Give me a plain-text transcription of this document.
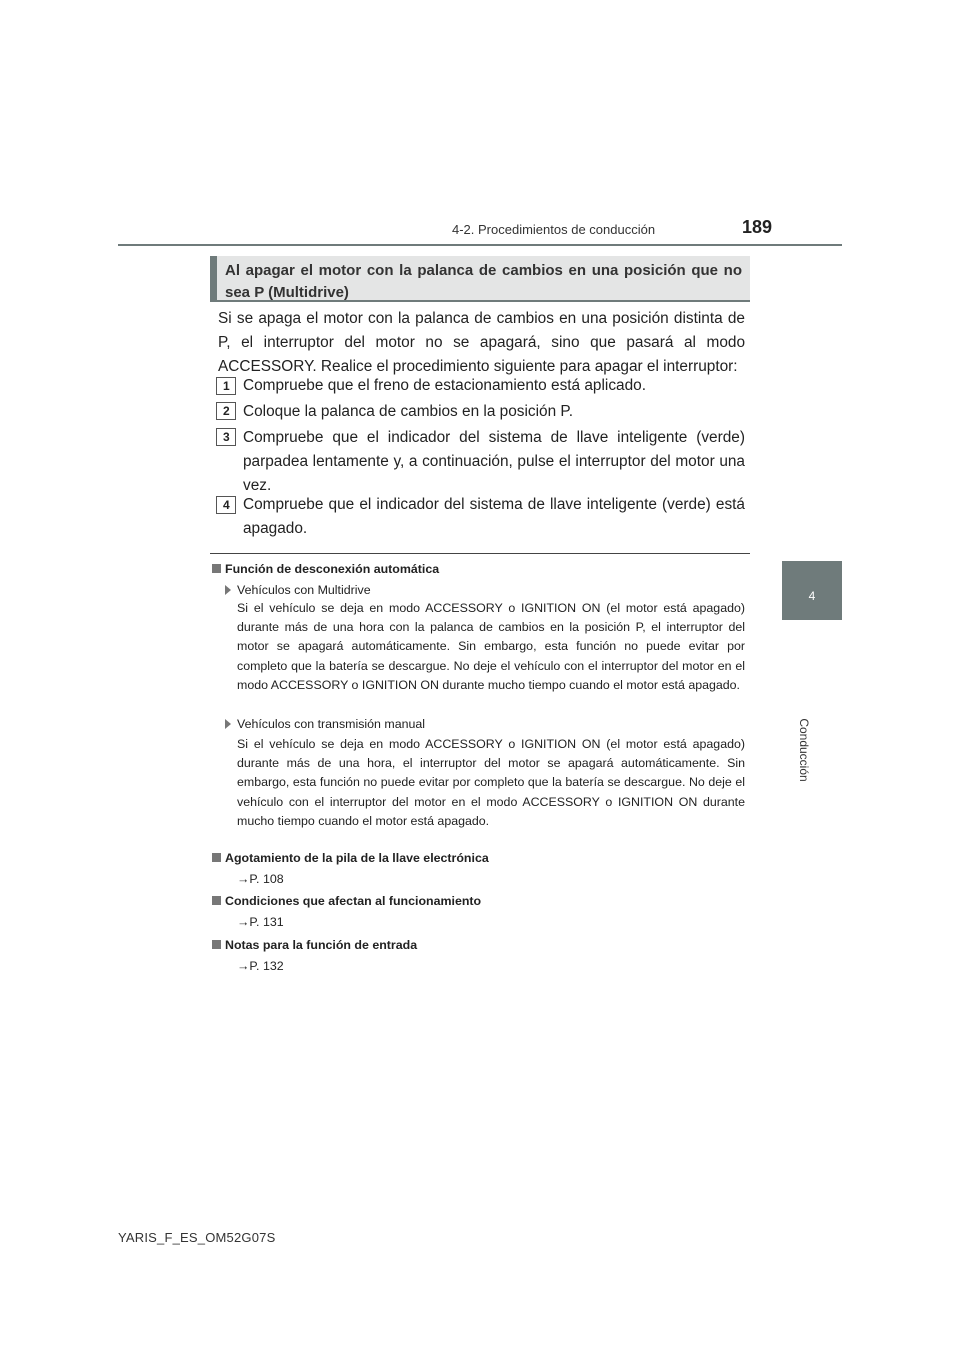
4-2. Procedimientos de conducción	189
4
Conducción

Al apagar el motor con la palanca de cambios en una posición que no sea P (Multidrive)

Si se apaga el motor con la palanca de cambios en una posición distinta de P, el interruptor del motor no se apagará, sino que pasará al modo ACCESSORY. Realice el procedimiento siguiente para apagar el interruptor:

1 Compruebe que el freno de estacionamiento está aplicado.

2 Coloque la palanca de cambios en la posición P.

3 Compruebe que el indicador del sistema de llave inteligente (verde) parpadea lentamente y, a continuación, pulse el interruptor del motor una vez.

4 Compruebe que el indicador del sistema de llave inteligente (verde) está apagado.

Función de desconexión automática
Vehículos con Multidrive

Si el vehículo se deja en modo ACCESSORY o IGNITION ON (el motor está apagado) durante más de una hora con la palanca de cambios en la posición P, el interruptor del motor se apagará automáticamente. Sin embargo, esta función no puede evitar por completo que la batería se descargue. No deje el vehículo con el interruptor del motor en el modo ACCESSORY o IGNITION ON durante mucho tiempo cuando el motor está apagado.

Vehículos con transmisión manual

Si el vehículo se deja en modo ACCESSORY o IGNITION ON (el motor está apagado) durante más de una hora, el interruptor del motor se apagará automáticamente. Sin embargo, esta función no puede evitar por completo que la batería se descargue. No deje el vehículo con el interruptor del motor en el modo ACCESSORY o IGNITION ON durante mucho tiempo cuando el motor está apagado.

Agotamiento de la pila de la llave electrónica
→P. 108
Condiciones que afectan al funcionamiento
→P. 131
Notas para la función de entrada
→P. 132
YARIS_F_ES_OM52G07S
